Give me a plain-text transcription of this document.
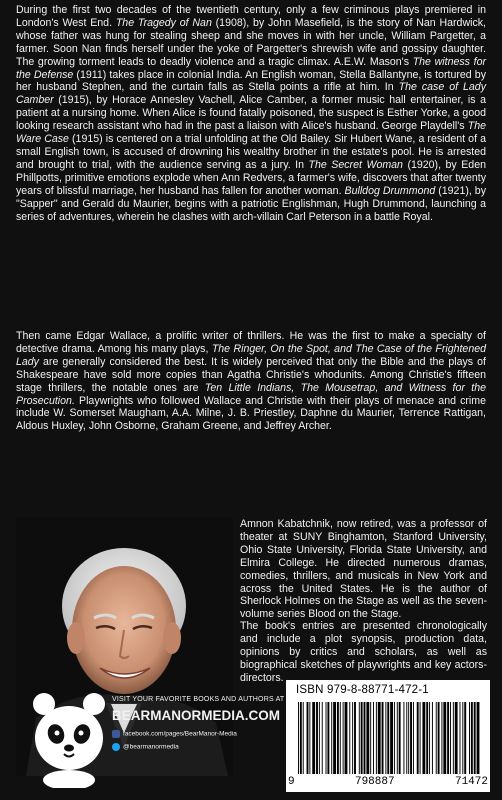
During the first two decades of the twentieth century, only a few criminous plays premiered in London's West End. The Tragedy of Nan (1908), by John Masefield, is the story of Nan Hardwick, whose father was hung for stealing sheep and she moves in with her uncle, William Pargetter, a farmer. Soon Nan finds herself under the yoke of Pargetter's shrewish wife and gossipy daughter. The growing torment leads to deadly violence and a tragic climax. A.E.W. Mason's The witness for the Defense (1911) takes place in colonial India. An English woman, Stella Ballantyne, is tortured by her husband Stephen, and the curtain falls as Stella points a rifle at him. In The case of Lady Camber (1915), by Horace Annesley Vachell, Alice Camber, a former music hall entertainer, is a patient at a nursing home. When Alice is found fatally poisoned, the suspect is Esther Yorke, a good looking research assistant who had in the past a liaison with Alice's husband. George Playdell's The Ware Case (1915) is centered on a trial unfolding at the Old Bailey. Sir Hubert Wane, a resident of a small English town, is accused of drowning his wealthy brother in the estate's pool. He is arrested and brought to trial, with the audience serving as a jury. In The Secret Woman (1920), by Eden Phillpotts, primitive emotions explode when Ann Redvers, a farmer's wife, discovers that after twenty years of blissful marriage, her husband has fallen for another woman. Bulldog Drummond (1921), by "Sapper" and Gerald du Maurier, begins with a patriotic Englishman, Hugh Drummond, launching a series of adventures, wherein he clashes with arch-villain Carl Peterson in a battle Royal.

Then came Edgar Wallace, a prolific writer of thrillers. He was the first to make a specialty of detective drama. Among his many plays, The Ringer, On the Spot, and The Case of the Frightened Lady are generally considered the best. It is widely perceived that only the Bible and the plays of Shakespeare have sold more copies than Agatha Christie's whodunits. Among Christie's fifteen stage thrillers, the notable ones are Ten Little Indians, The Mousetrap, and Witness for the Prosecution. Playwrights who followed Wallace and Christie with their plays of menace and crime include W. Somerset Maugham, A.A. Milne, J. B. Priestley, Daphne du Maurier, Terrence Rattigan, Aldous Huxley, John Osborne, Graham Greene, and Jeffrey Archer.

Amnon Kabatchnik, now retired, was a professor of theater at SUNY Binghamton, Stanford University, Ohio State University, Florida State University, and Elmira College. He directed numerous dramas, comedies, thrillers, and musicals in New York and across the United States. He is the author of Sherlock Holmes on the Stage as well as the seven-volume series Blood on the Stage.

The book's entries are presented chronologically and include a plot synopsis, production data, opinions by critics and scholars, as well as biographical sketches of playwrights and key actors-directors.

VISIT YOUR FAVORITE BOOKS AND AUTHORS AT
BEARMANORMEDIA.COM
facebook.com/pages/BearManor-Media
@bearmanormedia
ISBN 979-8-88771-472-1
9	798887	71472
